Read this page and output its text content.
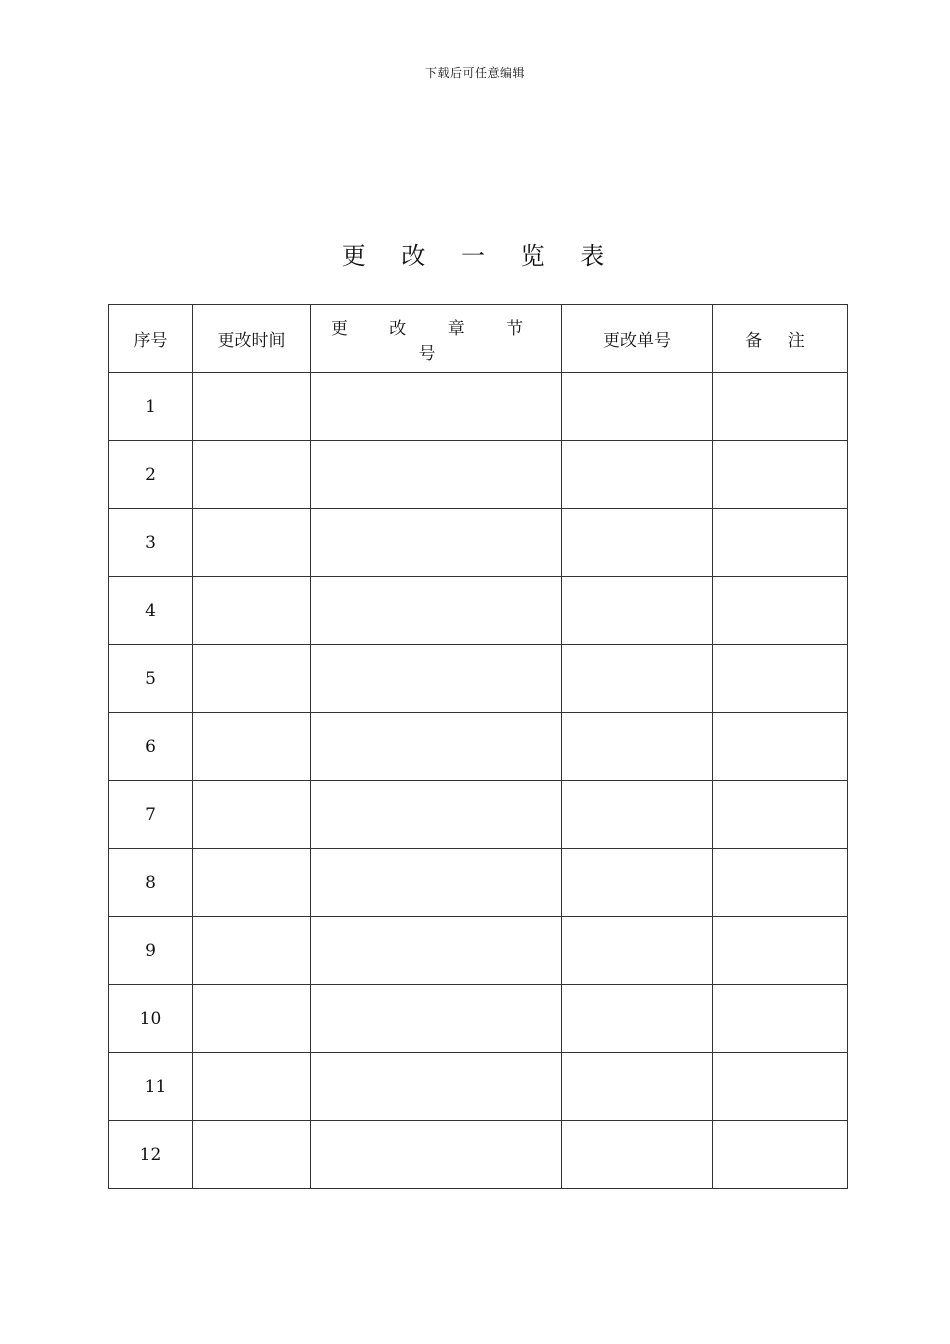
下载后可任意编辑
更 改 一 览 表
序号	更改时间	更 改 章 节 号	更改单号	备 注
1				
2				
3				
4				
5				
6				
7				
8				
9				
10				
11				
12				
